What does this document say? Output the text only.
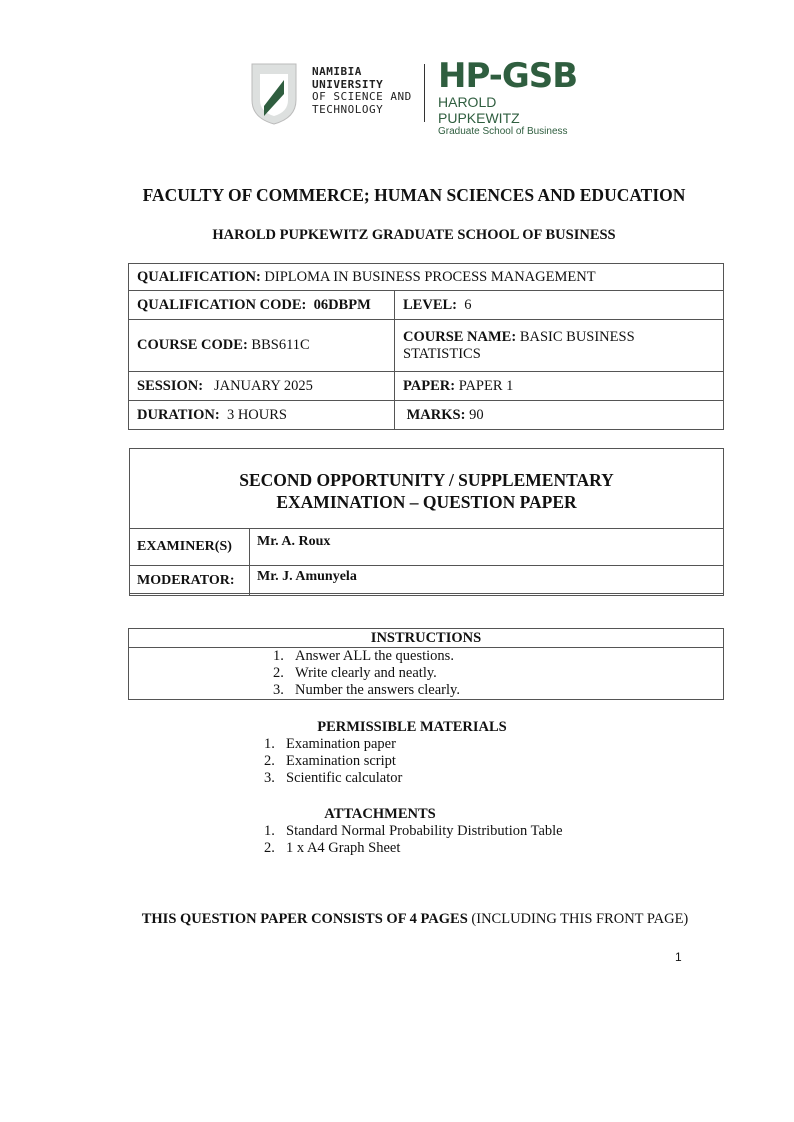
NAMIBIA
UNIVERSITY
OF SCIENCE AND
TECHNOLOGY
HP-GSB
HAROLD PUPKEWITZ
Graduate School of Business
FACULTY OF COMMERCE; HUMAN SCIENCES AND EDUCATION
HAROLD PUPKEWITZ GRADUATE SCHOOL OF BUSINESS
QUALIFICATION: DIPLOMA IN BUSINESS PROCESS MANAGEMENT	
QUALIFICATION CODE: 06DBPM	LEVEL: 6
COURSE CODE: BBS611C	COURSE NAME: BASIC BUSINESS STATISTICS
SESSION: JANUARY 2025	PAPER: PAPER 1
DURATION: 3 HOURS	MARKS: 90
SECOND OPPORTUNITY / SUPPLEMENTARY EXAMINATION – QUESTION PAPER
EXAMINER(S)	Mr. A. Roux
MODERATOR:	Mr. J. Amunyela
INSTRUCTIONS
1. Answer ALL the questions.
2. Write clearly and neatly.
3. Number the answers clearly.
PERMISSIBLE MATERIALS
1. Examination paper
2. Examination script
3. Scientific calculator
ATTACHMENTS
1. Standard Normal Probability Distribution Table
2. 1 x A4 Graph Sheet
THIS QUESTION PAPER CONSISTS OF 4 PAGES (INCLUDING THIS FRONT PAGE)
1
